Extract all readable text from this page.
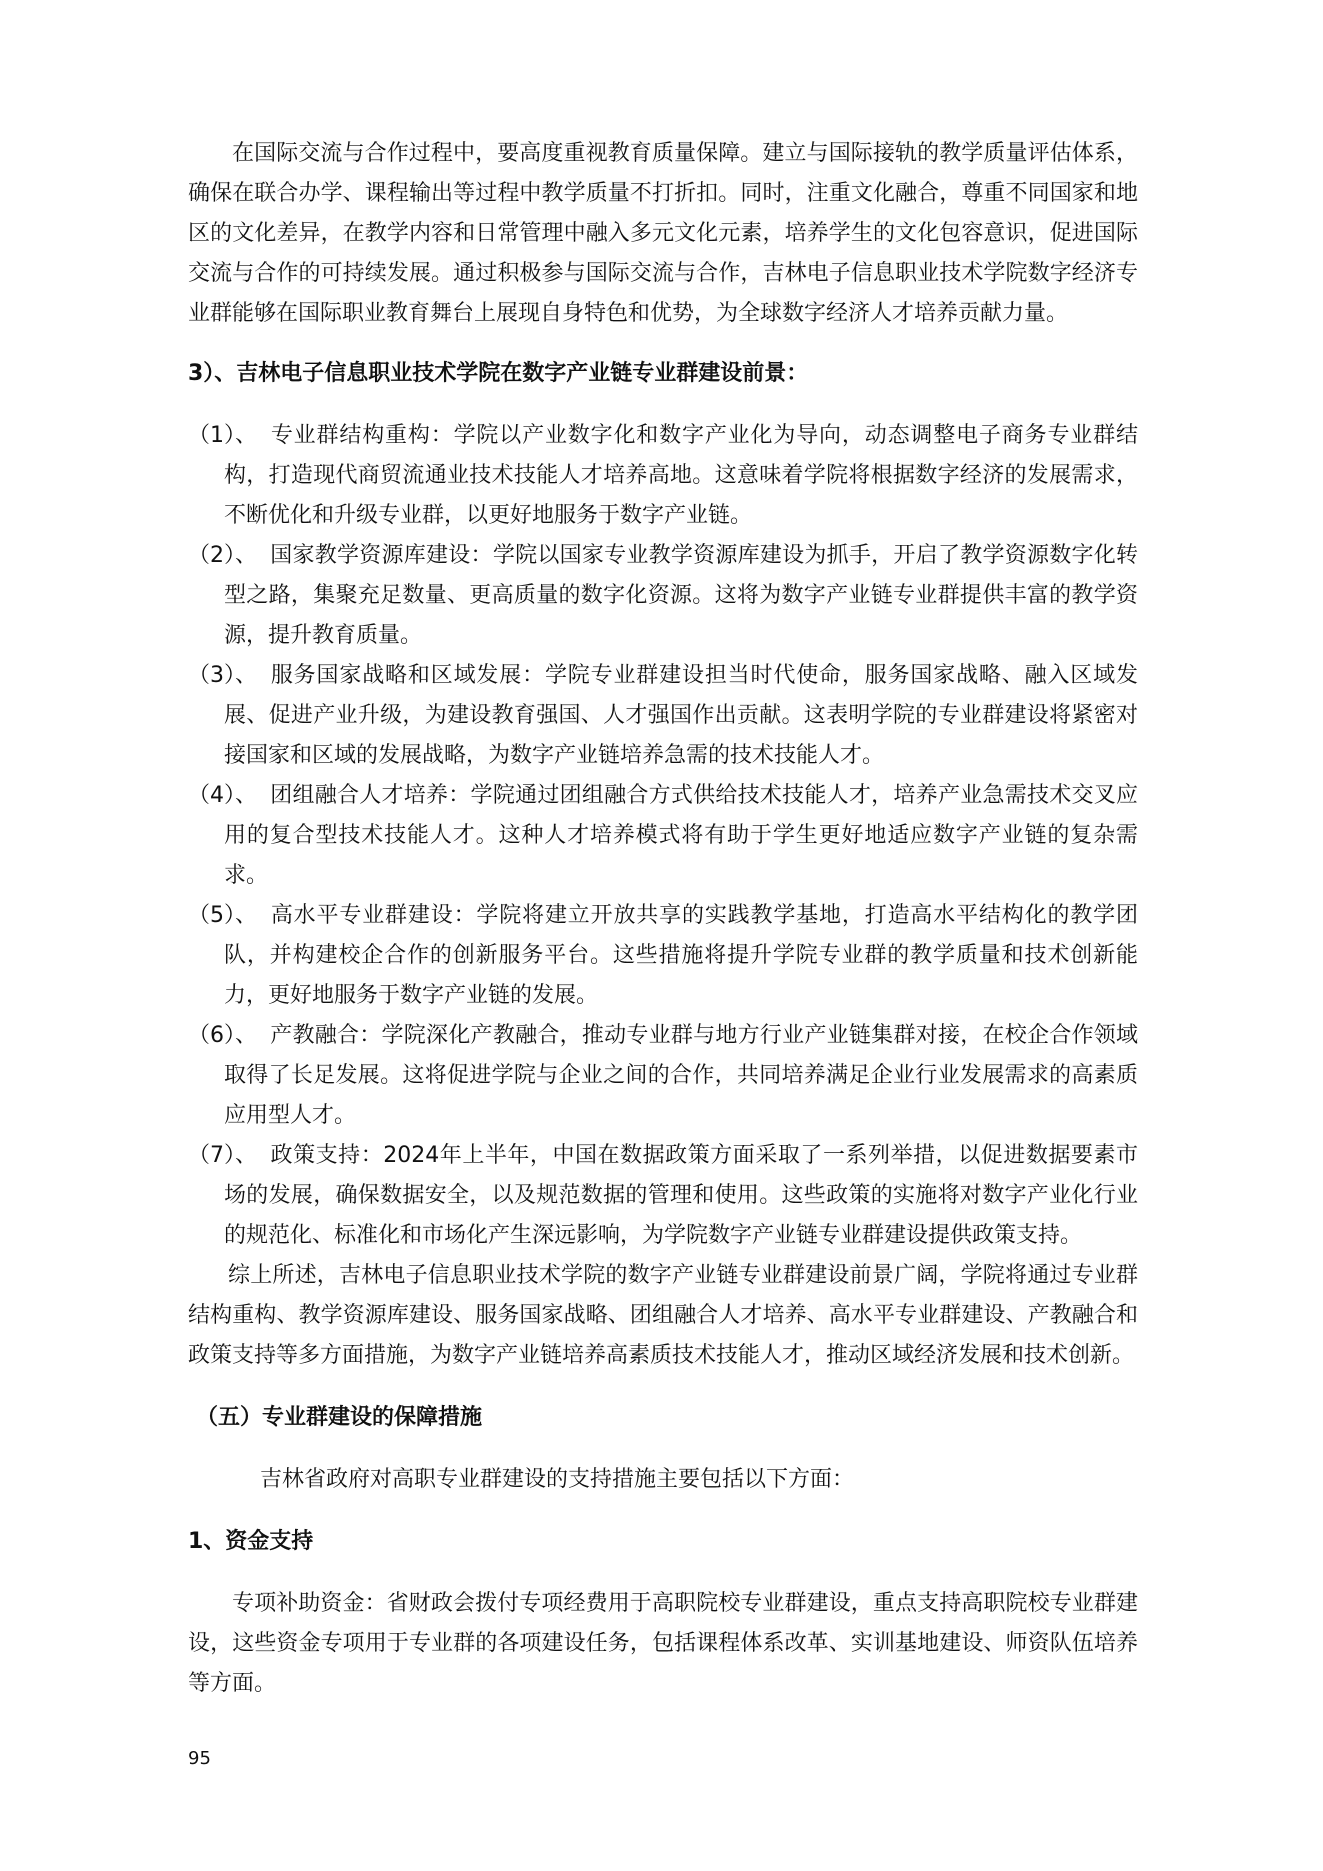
在国际交流与合作过程中，要高度重视教育质量保障。建立与国际接轨的教学质量评估体系，确保在联合办学、课程输出等过程中教学质量不打折扣。同时，注重文化融合，尊重不同国家和地区的文化差异，在教学内容和日常管理中融入多元文化元素，培养学生的文化包容意识，促进国际交流与合作的可持续发展。通过积极参与国际交流与合作，吉林电子信息职业技术学院数字经济专业群能够在国际职业教育舞台上展现自身特色和优势，为全球数字经济人才培养贡献力量。

3）、吉林电子信息职业技术学院在数字产业链专业群建设前景：

（1）、 专业群结构重构：学院以产业数字化和数字产业化为导向，动态调整电子商务专业群结构，打造现代商贸流通业技术技能人才培养高地。这意味着学院将根据数字经济的发展需求，不断优化和升级专业群，以更好地服务于数字产业链。
（2）、 国家教学资源库建设：学院以国家专业教学资源库建设为抓手，开启了教学资源数字化转型之路，集聚充足数量、更高质量的数字化资源。这将为数字产业链专业群提供丰富的教学资源，提升教育质量。
（3）、 服务国家战略和区域发展：学院专业群建设担当时代使命，服务国家战略、融入区域发展、促进产业升级，为建设教育强国、人才强国作出贡献。这表明学院的专业群建设将紧密对接国家和区域的发展战略，为数字产业链培养急需的技术技能人才。
（4）、 团组融合人才培养：学院通过团组融合方式供给技术技能人才，培养产业急需技术交叉应用的复合型技术技能人才。这种人才培养模式将有助于学生更好地适应数字产业链的复杂需求。
（5）、 高水平专业群建设：学院将建立开放共享的实践教学基地，打造高水平结构化的教学团队，并构建校企合作的创新服务平台。这些措施将提升学院专业群的教学质量和技术创新能力，更好地服务于数字产业链的发展。
（6）、 产教融合：学院深化产教融合，推动专业群与地方行业产业链集群对接，在校企合作领域取得了长足发展。这将促进学院与企业之间的合作，共同培养满足企业行业发展需求的高素质应用型人才。
（7）、 政策支持：2024年上半年，中国在数据政策方面采取了一系列举措，以促进数据要素市场的发展，确保数据安全，以及规范数据的管理和使用。这些政策的实施将对数字产业化行业的规范化、标准化和市场化产生深远影响，为学院数字产业链专业群建设提供政策支持。

综上所述，吉林电子信息职业技术学院的数字产业链专业群建设前景广阔，学院将通过专业群结构重构、教学资源库建设、服务国家战略、团组融合人才培养、高水平专业群建设、产教融合和政策支持等多方面措施，为数字产业链培养高素质技术技能人才，推动区域经济发展和技术创新。

（五）专业群建设的保障措施

吉林省政府对高职专业群建设的支持措施主要包括以下方面：

1、资金支持

专项补助资金：省财政会拨付专项经费用于高职院校专业群建设，重点支持高职院校专业群建设，这些资金专项用于专业群的各项建设任务，包括课程体系改革、实训基地建设、师资队伍培养等方面。

95
